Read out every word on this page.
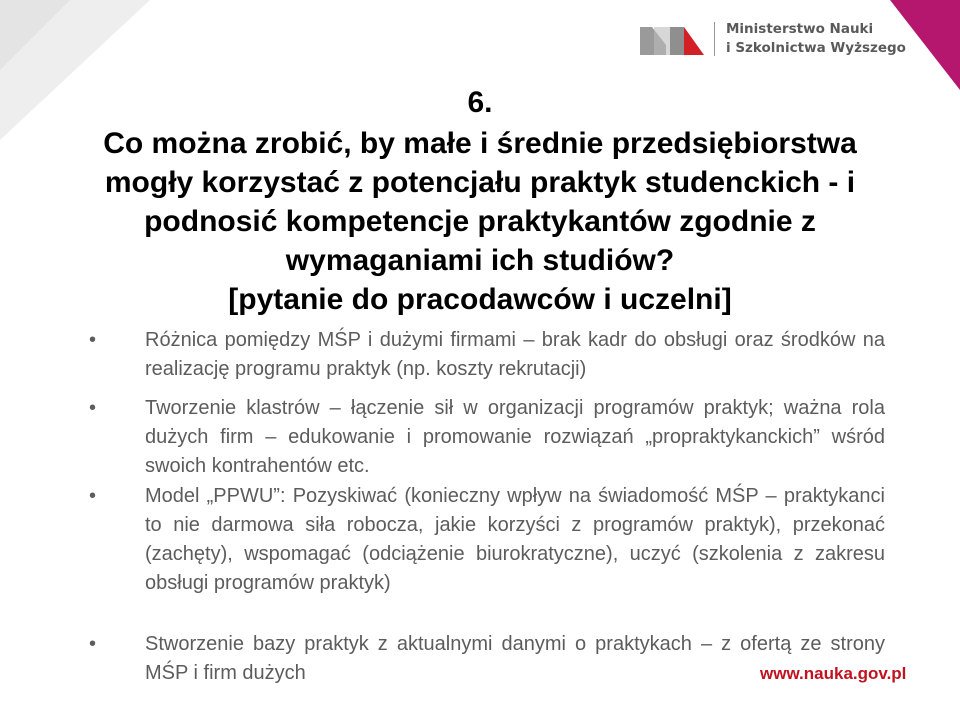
Ministerstwo Nauki
i Szkolnictwa Wyższego
6.
Co można zrobić, by małe i średnie przedsiębiorstwa
mogły korzystać z potencjału praktyk studenckich - i
podnosić kompetencje praktykantów zgodnie z
wymaganiami ich studiów?
[pytanie do pracodawców i uczelni]
• Różnica pomiędzy MŚP i dużymi firmami – brak kadr do obsługi oraz środków na realizację programu praktyk (np. koszty rekrutacji)
• Tworzenie klastrów – łączenie sił w organizacji programów praktyk; ważna rola dużych firm – edukowanie i promowanie rozwiązań „propraktykanckich” wśród swoich kontrahentów etc.
• Model „PPWU”: Pozyskiwać (konieczny wpływ na świadomość MŚP – praktykanci to nie darmowa siła robocza, jakie korzyści z programów praktyk), przekonać (zachęty), wspomagać (odciążenie biurokratyczne), uczyć (szkolenia z zakresu obsługi programów praktyk)
• Stworzenie bazy praktyk z aktualnymi danymi o praktykach – z ofertą ze strony MŚP i firm dużych	www.nauka.gov.pl
